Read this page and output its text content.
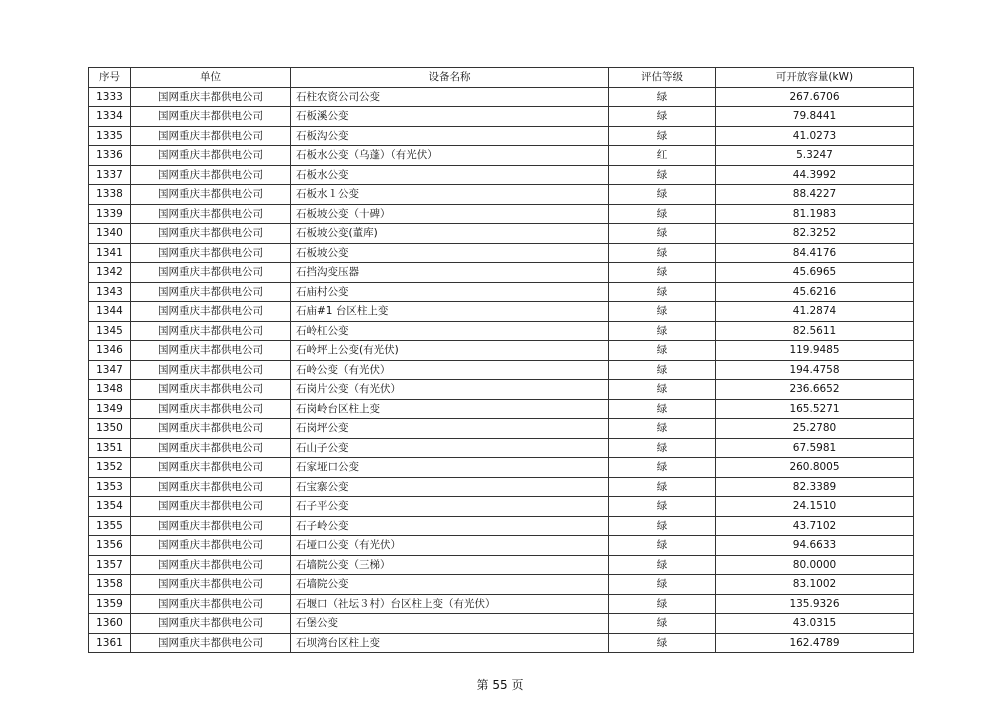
序号	单位	设备名称	评估等级	可开放容量(kW)
1333	国网重庆丰都供电公司	石柱农资公司公变	绿	267.6706
1334	国网重庆丰都供电公司	石板溪公变	绿	79.8441
1335	国网重庆丰都供电公司	石板沟公变	绿	41.0273
1336	国网重庆丰都供电公司	石板水公变（乌蓬）（有光伏）	红	5.3247
1337	国网重庆丰都供电公司	石板水公变	绿	44.3992
1338	国网重庆丰都供电公司	石板水１公变	绿	88.4227
1339	国网重庆丰都供电公司	石板坡公变（十碑）	绿	81.1983
1340	国网重庆丰都供电公司	石板坡公变(董库)	绿	82.3252
1341	国网重庆丰都供电公司	石板坡公变	绿	84.4176
1342	国网重庆丰都供电公司	石挡沟变压器	绿	45.6965
1343	国网重庆丰都供电公司	石庙村公变	绿	45.6216
1344	国网重庆丰都供电公司	石庙#1 台区柱上变	绿	41.2874
1345	国网重庆丰都供电公司	石岭杠公变	绿	82.5611
1346	国网重庆丰都供电公司	石岭坪上公变(有光伏)	绿	119.9485
1347	国网重庆丰都供电公司	石岭公变（有光伏）	绿	194.4758
1348	国网重庆丰都供电公司	石岗片公变（有光伏）	绿	236.6652
1349	国网重庆丰都供电公司	石岗岭台区柱上变	绿	165.5271
1350	国网重庆丰都供电公司	石岗坪公变	绿	25.2780
1351	国网重庆丰都供电公司	石山子公变	绿	67.5981
1352	国网重庆丰都供电公司	石家垭口公变	绿	260.8005
1353	国网重庆丰都供电公司	石宝寨公变	绿	82.3389
1354	国网重庆丰都供电公司	石子平公变	绿	24.1510
1355	国网重庆丰都供电公司	石子岭公变	绿	43.7102
1356	国网重庆丰都供电公司	石垭口公变（有光伏）	绿	94.6633
1357	国网重庆丰都供电公司	石墙院公变（三梯）	绿	80.0000
1358	国网重庆丰都供电公司	石墙院公变	绿	83.1002
1359	国网重庆丰都供电公司	石堰口（社坛３村）台区柱上变（有光伏）	绿	135.9326
1360	国网重庆丰都供电公司	石堡公变	绿	43.0315
1361	国网重庆丰都供电公司	石坝湾台区柱上变	绿	162.4789
第 55 页
